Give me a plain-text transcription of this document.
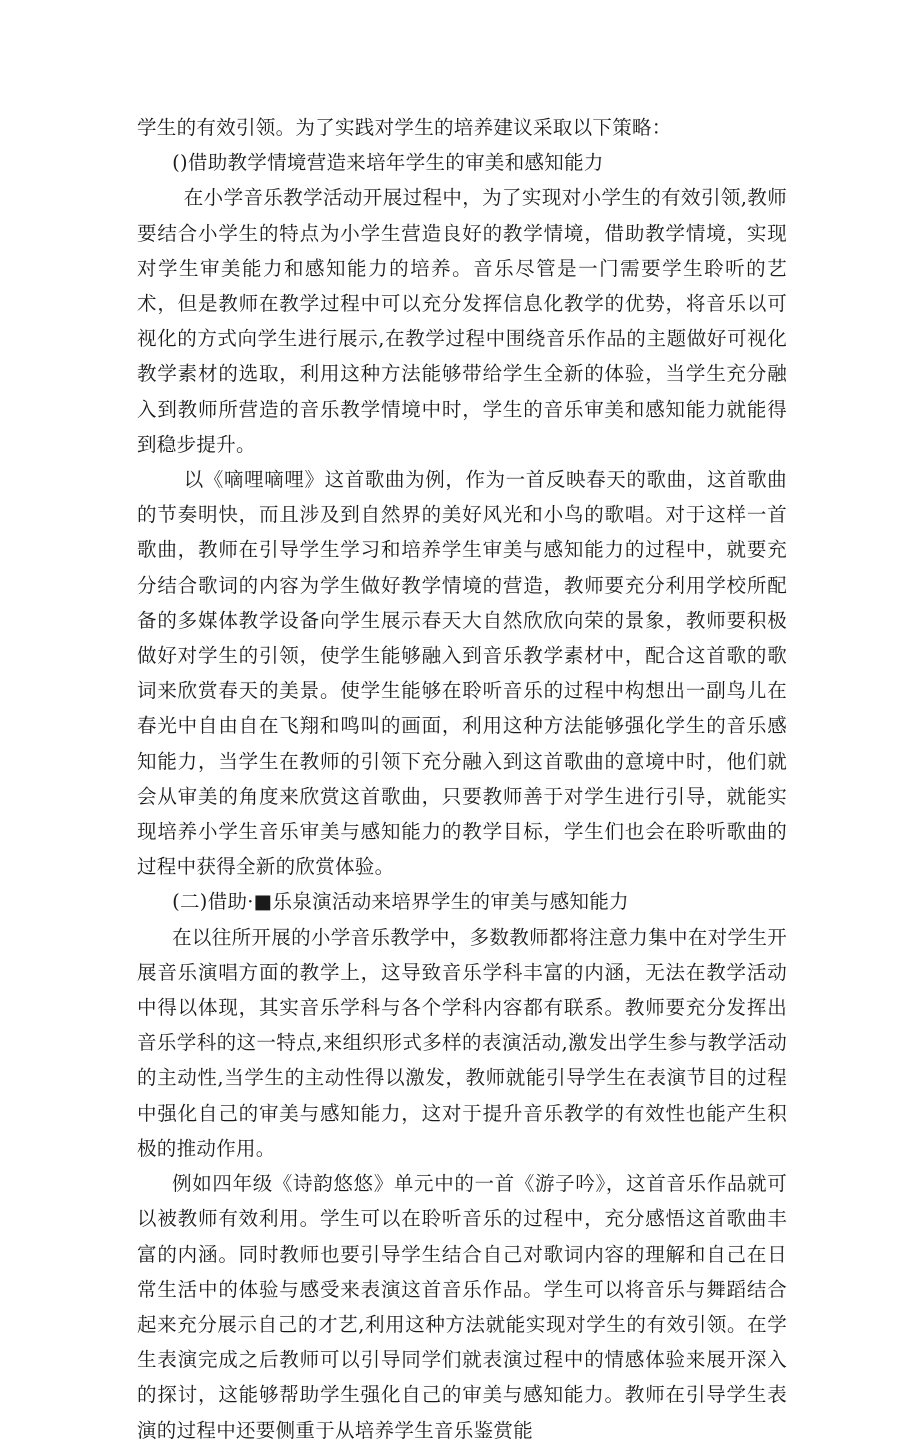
学生的有效引领。为了实践对学生的培养建议采取以下策略：

()借助教学情境营造来培年学生的审美和感知能力

在小学音乐教学活动开展过程中，为了实现对小学生的有效引领,教师要结合小学生的特点为小学生营造良好的教学情境，借助教学情境，实现对学生审美能力和感知能力的培养。音乐尽管是一门需要学生聆听的艺术，但是教师在教学过程中可以充分发挥信息化教学的优势，将音乐以可视化的方式向学生进行展示,在教学过程中围绕音乐作品的主题做好可视化教学素材的选取，利用这种方法能够带给学生全新的体验，当学生充分融入到教师所营造的音乐教学情境中时，学生的音乐审美和感知能力就能得到稳步提升。

以《嘀哩嘀哩》这首歌曲为例，作为一首反映春天的歌曲，这首歌曲的节奏明快，而且涉及到自然界的美好风光和小鸟的歌唱。对于这样一首歌曲，教师在引导学生学习和培养学生审美与感知能力的过程中，就要充分结合歌词的内容为学生做好教学情境的营造，教师要充分利用学校所配备的多媒体教学设备向学生展示春天大自然欣欣向荣的景象，教师要积极做好对学生的引领，使学生能够融入到音乐教学素材中，配合这首歌的歌词来欣赏春天的美景。使学生能够在聆听音乐的过程中构想出一副鸟儿在春光中自由自在飞翔和鸣叫的画面，利用这种方法能够强化学生的音乐感知能力，当学生在教师的引领下充分融入到这首歌曲的意境中时，他们就会从审美的角度来欣赏这首歌曲，只要教师善于对学生进行引导，就能实现培养小学生音乐审美与感知能力的教学目标，学生们也会在聆听歌曲的过程中获得全新的欣赏体验。

(二)借助·■乐泉演活动来培界学生的审美与感知能力

在以往所开展的小学音乐教学中，多数教师都将注意力集中在对学生开展音乐演唱方面的教学上，这导致音乐学科丰富的内涵，无法在教学活动中得以体现，其实音乐学科与各个学科内容都有联系。教师要充分发挥出音乐学科的这一特点,来组织形式多样的表演活动,激发出学生参与教学活动的主动性,当学生的主动性得以激发，教师就能引导学生在表演节目的过程中强化自己的审美与感知能力，这对于提升音乐教学的有效性也能产生积极的推动作用。

例如四年级《诗韵悠悠》单元中的一首《游子吟》，这首音乐作品就可以被教师有效利用。学生可以在聆听音乐的过程中，充分感悟这首歌曲丰富的内涵。同时教师也要引导学生结合自己对歌词内容的理解和自己在日常生活中的体验与感受来表演这首音乐作品。学生可以将音乐与舞蹈结合起来充分展示自己的才艺,利用这种方法就能实现对学生的有效引领。在学生表演完成之后教师可以引导同学们就表演过程中的情感体验来展开深入的探讨，这能够帮助学生强化自己的审美与感知能力。教师在引导学生表演的过程中还要侧重于从培养学生音乐鉴赏能
